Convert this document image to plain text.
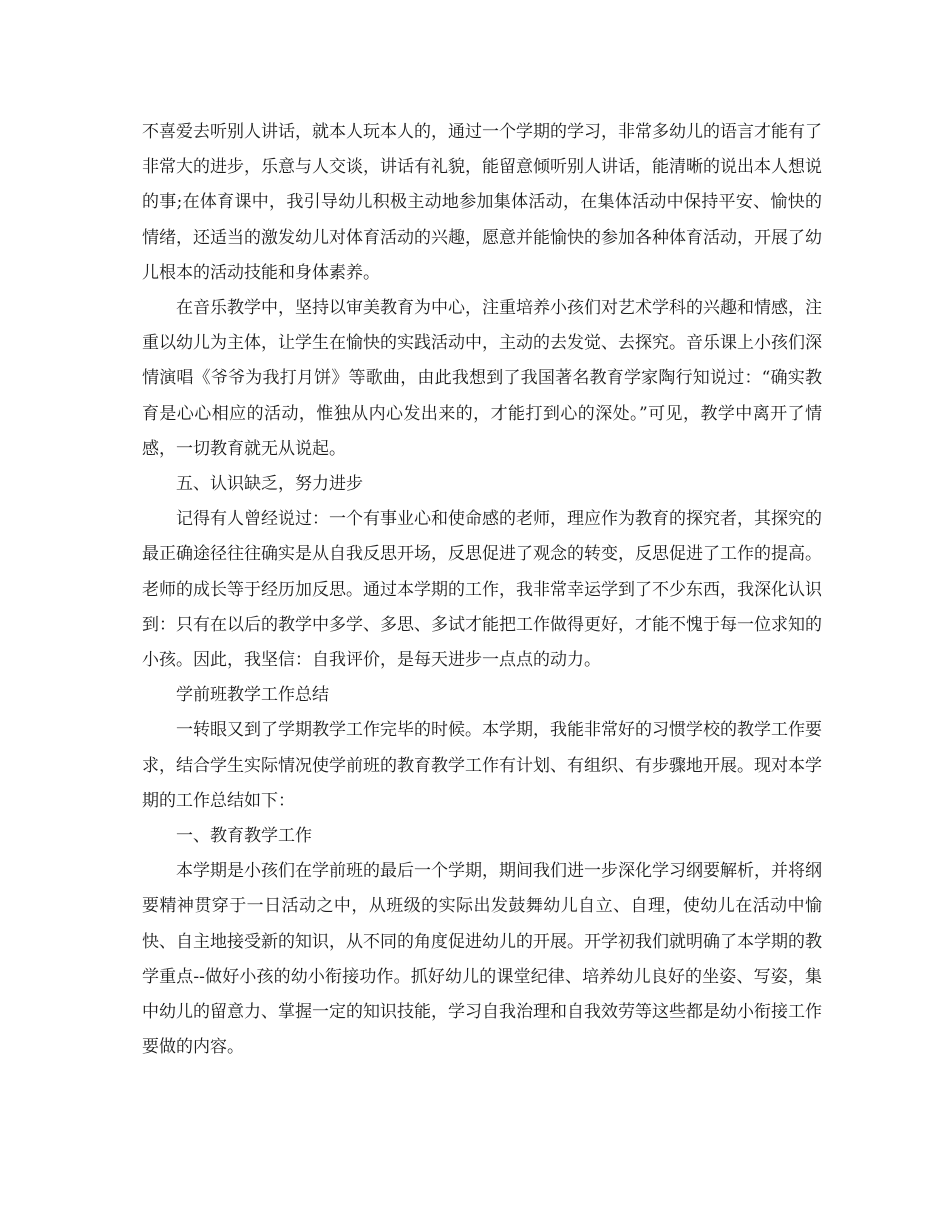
不喜爱去听别人讲话，就本人玩本人的，通过一个学期的学习，非常多幼儿的语言才能有了非常大的进步，乐意与人交谈，讲话有礼貌，能留意倾听别人讲话，能清晰的说出本人想说的事;在体育课中，我引导幼儿积极主动地参加集体活动，在集体活动中保持平安、愉快的情绪，还适当的激发幼儿对体育活动的兴趣，愿意并能愉快的参加各种体育活动，开展了幼儿根本的活动技能和身体素养。

在音乐教学中，坚持以审美教育为中心，注重培养小孩们对艺术学科的兴趣和情感，注重以幼儿为主体，让学生在愉快的实践活动中，主动的去发觉、去探究。音乐课上小孩们深情演唱《爷爷为我打月饼》等歌曲，由此我想到了我国著名教育学家陶行知说过：“确实教育是心心相应的活动，惟独从内心发出来的，才能打到心的深处。”可见，教学中离开了情感，一切教育就无从说起。

五、认识缺乏，努力进步

记得有人曾经说过：一个有事业心和使命感的老师，理应作为教育的探究者，其探究的最正确途径往往确实是从自我反思开场，反思促进了观念的转变，反思促进了工作的提高。老师的成长等于经历加反思。通过本学期的工作，我非常幸运学到了不少东西，我深化认识到：只有在以后的教学中多学、多思、多试才能把工作做得更好，才能不愧于每一位求知的小孩。因此，我坚信：自我评价，是每天进步一点点的动力。

学前班教学工作总结

一转眼又到了学期教学工作完毕的时候。本学期，我能非常好的习惯学校的教学工作要求，结合学生实际情况使学前班的教育教学工作有计划、有组织、有步骤地开展。现对本学期的工作总结如下：

一、教育教学工作

本学期是小孩们在学前班的最后一个学期，期间我们进一步深化学习纲要解析，并将纲要精神贯穿于一日活动之中，从班级的实际出发鼓舞幼儿自立、自理，使幼儿在活动中愉快、自主地接受新的知识，从不同的角度促进幼儿的开展。开学初我们就明确了本学期的教学重点--做好小孩的幼小衔接功作。抓好幼儿的课堂纪律、培养幼儿良好的坐姿、写姿，集中幼儿的留意力、掌握一定的知识技能，学习自我治理和自我效劳等这些都是幼小衔接工作要做的内容。
